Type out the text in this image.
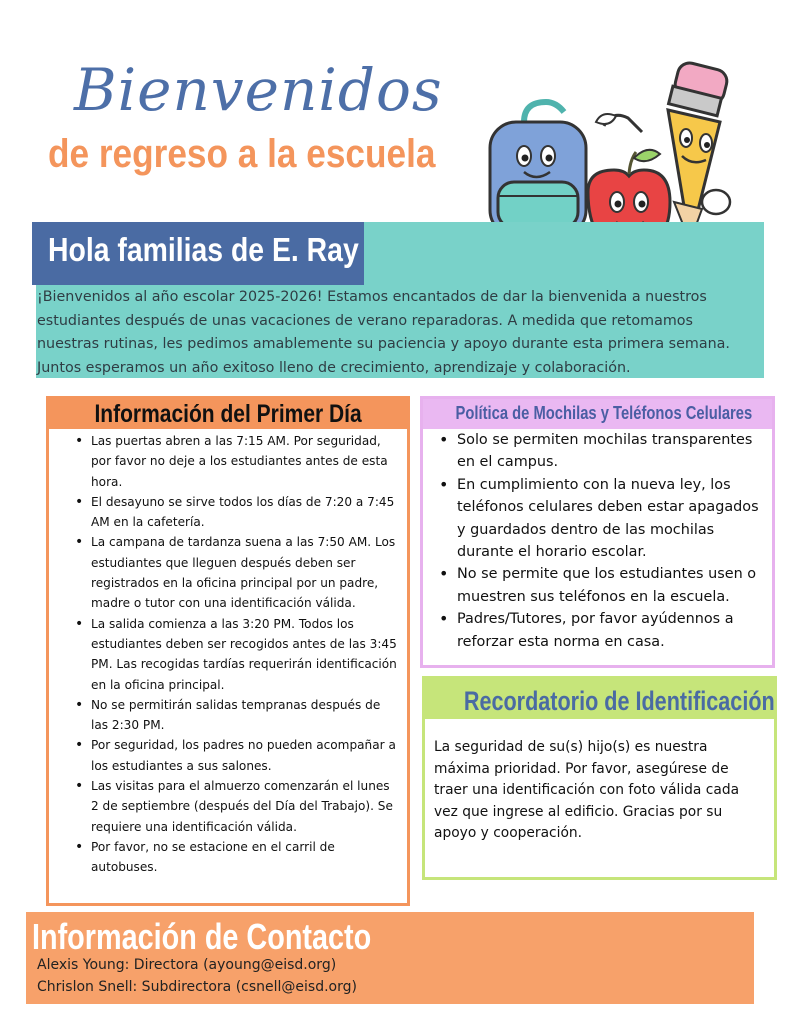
Bienvenidos
de regreso a la escuela
Hola familias de E. Ray
¡Bienvenidos al año escolar 2025-2026! Estamos encantados de dar la bienvenida a nuestros estudiantes después de unas vacaciones de verano reparadoras. A medida que retomamos nuestras rutinas, les pedimos amablemente su paciencia y apoyo durante esta primera semana. Juntos esperamos un año exitoso lleno de crecimiento, aprendizaje y colaboración.
Información del Primer Día
• Las puertas abren a las 7:15 AM. Por seguridad, por favor no deje a los estudiantes antes de esta hora.
• El desayuno se sirve todos los días de 7:20 a 7:45 AM en la cafetería.
• La campana de tardanza suena a las 7:50 AM. Los estudiantes que lleguen después deben ser registrados en la oficina principal por un padre, madre o tutor con una identificación válida.
• La salida comienza a las 3:20 PM. Todos los estudiantes deben ser recogidos antes de las 3:45 PM. Las recogidas tardías requerirán identificación en la oficina principal.
• No se permitirán salidas tempranas después de las 2:30 PM.
• Por seguridad, los padres no pueden acompañar a los estudiantes a sus salones.
• Las visitas para el almuerzo comenzarán el lunes 2 de septiembre (después del Día del Trabajo). Se requiere una identificación válida.
• Por favor, no se estacione en el carril de autobuses.
Política de Mochilas y Teléfonos Celulares
• Solo se permiten mochilas transparentes en el campus.
• En cumplimiento con la nueva ley, los teléfonos celulares deben estar apagados y guardados dentro de las mochilas durante el horario escolar.
• No se permite que los estudiantes usen o muestren sus teléfonos en la escuela.
• Padres/Tutores, por favor ayúdennos a reforzar esta norma en casa.
Recordatorio de Identificación

La seguridad de su(s) hijo(s) es nuestra máxima prioridad. Por favor, asegúrese de traer una identificación con foto válida cada vez que ingrese al edificio. Gracias por su apoyo y cooperación.

Información de Contacto
Alexis Young: Directora (ayoung@eisd.org)
Chrislon Snell: Subdirectora (csnell@eisd.org)
